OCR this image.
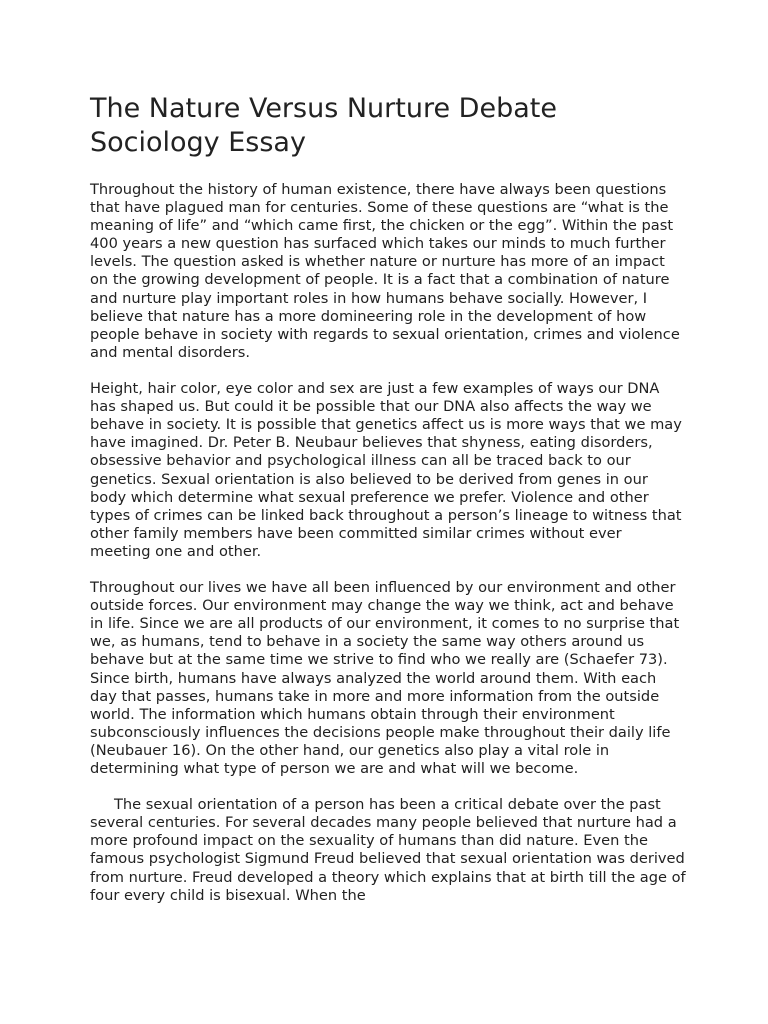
The Nature Versus Nurture Debate Sociology Essay

Throughout the history of human existence, there have always been questions that have plagued man for centuries. Some of these questions are “what is the meaning of life” and “which came first, the chicken or the egg”. Within the past 400 years a new question has surfaced which takes our minds to much further levels. The question asked is whether nature or nurture has more of an impact on the growing development of people. It is a fact that a combination of nature and nurture play important roles in how humans behave socially. However, I believe that nature has a more domineering role in the development of how people behave in society with regards to sexual orientation, crimes and violence and mental disorders.

Height, hair color, eye color and sex are just a few examples of ways our DNA has shaped us. But could it be possible that our DNA also affects the way we behave in society. It is possible that genetics affect us is more ways that we may have imagined. Dr. Peter B. Neubaur believes that shyness, eating disorders, obsessive behavior and psychological illness can all be traced back to our genetics. Sexual orientation is also believed to be derived from genes in our body which determine what sexual preference we prefer. Violence and other types of crimes can be linked back throughout a person’s lineage to witness that other family members have been committed similar crimes without ever meeting one and other.

Throughout our lives we have all been influenced by our environment and other outside forces. Our environment may change the way we think, act and behave in life. Since we are all products of our environment, it comes to no surprise that we, as humans, tend to behave in a society the same way others around us behave but at the same time we strive to find who we really are (Schaefer 73). Since birth, humans have always analyzed the world around them. With each day that passes, humans take in more and more information from the outside world. The information which humans obtain through their environment subconsciously influences the decisions people make throughout their daily life (Neubauer 16). On the other hand, our genetics also play a vital role in determining what type of person we are and what will we become.

The sexual orientation of a person has been a critical debate over the past several centuries. For several decades many people believed that nurture had a more profound impact on the sexuality of humans than did nature. Even the famous psychologist Sigmund Freud believed that sexual orientation was derived from nurture. Freud developed a theory which explains that at birth till the age of four every child is bisexual. When the
